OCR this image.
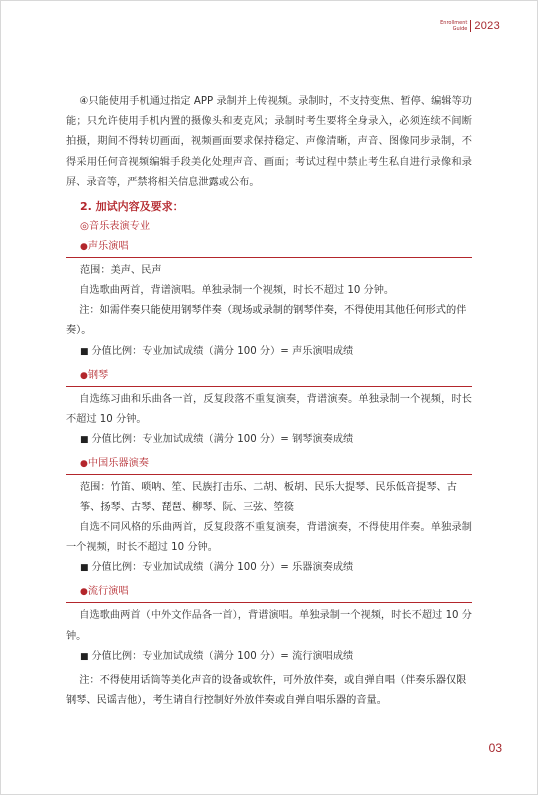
Enrollment
Guide 2023

④只能使用手机通过指定 APP 录制并上传视频。录制时，不支持变焦、暂停、编辑等功能；只允许使用手机内置的摄像头和麦克风；录制时考生要将全身录入，必须连续不间断拍摄，期间不得转切画面，视频画面要求保持稳定、声像清晰，声音、图像同步录制，不得采用任何音视频编辑手段美化处理声音、画面；考试过程中禁止考生私自进行录像和录屏、录音等，严禁将相关信息泄露或公布。

2. 加试内容及要求：
◎音乐表演专业
●声乐演唱
范围：美声、民声

自选歌曲两首，背谱演唱。单独录制一个视频，时长不超过 10 分钟。

注：如需伴奏只能使用钢琴伴奏（现场或录制的钢琴伴奏，不得使用其他任何形式的伴奏）。

■ 分值比例：专业加试成绩（满分 100 分）= 声乐演唱成绩
●钢琴

自选练习曲和乐曲各一首，反复段落不重复演奏，背谱演奏。单独录制一个视频，时长不超过 10 分钟。

■ 分值比例：专业加试成绩（满分 100 分）= 钢琴演奏成绩
●中国乐器演奏
范围：竹笛、唢呐、笙、民族打击乐、二胡、板胡、民乐大提琴、民乐低音提琴、古筝、扬琴、古琴、琵琶、柳琴、阮、三弦、箜篌

自选不同风格的乐曲两首，反复段落不重复演奏，背谱演奏，不得使用伴奏。单独录制一个视频，时长不超过 10 分钟。

■ 分值比例：专业加试成绩（满分 100 分）= 乐器演奏成绩
●流行演唱

自选歌曲两首（中外文作品各一首），背谱演唱。单独录制一个视频，时长不超过 10 分钟。

■ 分值比例：专业加试成绩（满分 100 分）= 流行演唱成绩

注：不得使用话筒等美化声音的设备或软件，可外放伴奏，或自弹自唱（伴奏乐器仅限钢琴、民谣吉他），考生请自行控制好外放伴奏或自弹自唱乐器的音量。

03
